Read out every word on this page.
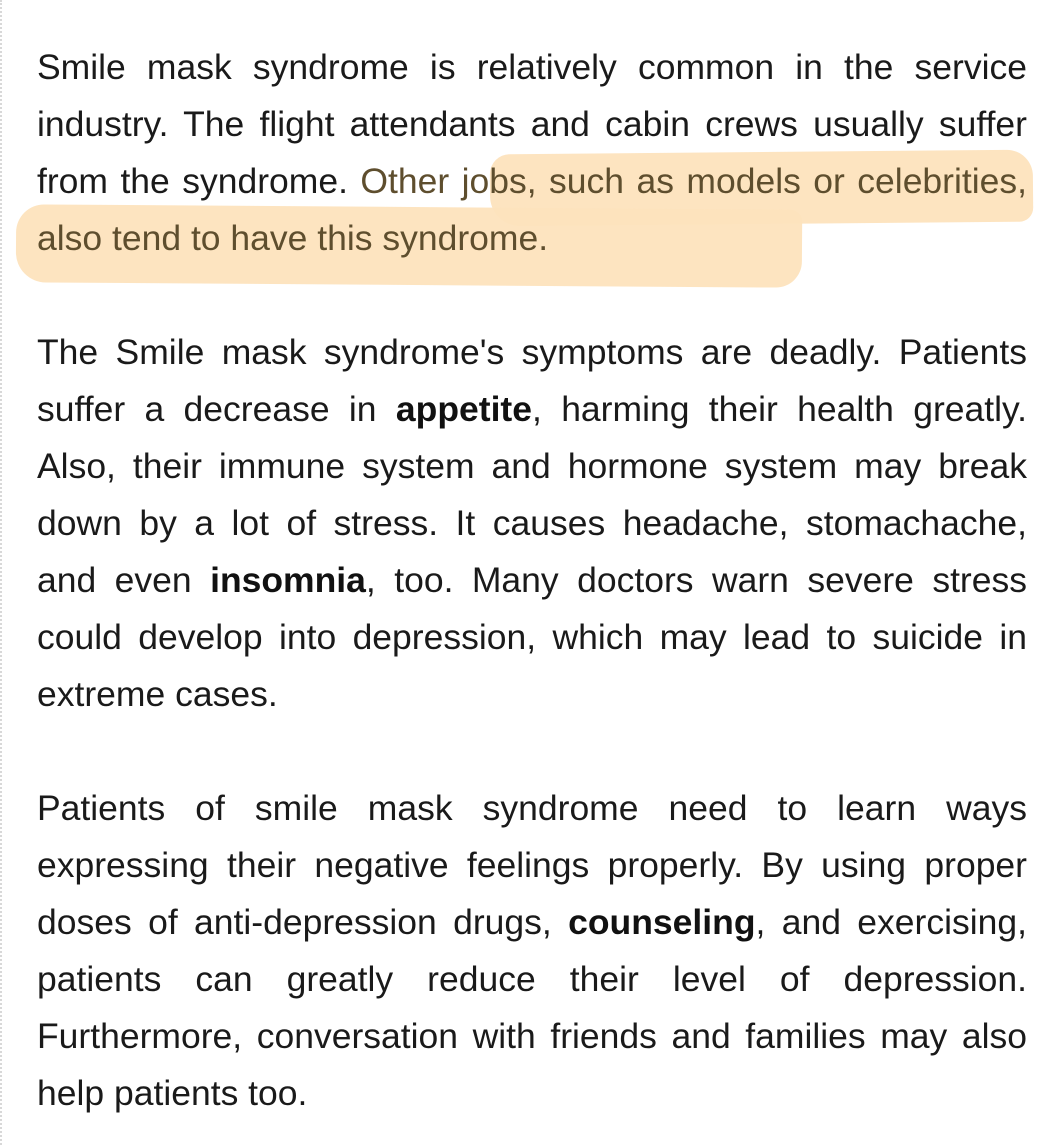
Smile mask syndrome is relatively common in the service industry. The flight attendants and cabin crews usually suffer from the syndrome. Other jobs, such as models or celebrities, also tend to have this syndrome.

The Smile mask syndrome's symptoms are deadly. Patients suffer a decrease in appetite, harming their health greatly. Also, their immune system and hormone system may break down by a lot of stress. It causes headache, stomachache, and even insomnia, too. Many doctors warn severe stress could develop into depression, which may lead to suicide in extreme cases.

Patients of smile mask syndrome need to learn ways expressing their negative feelings properly. By using proper doses of anti-depression drugs, counseling, and exercising, patients can greatly reduce their level of depression. Furthermore, conversation with friends and families may also help patients too.
